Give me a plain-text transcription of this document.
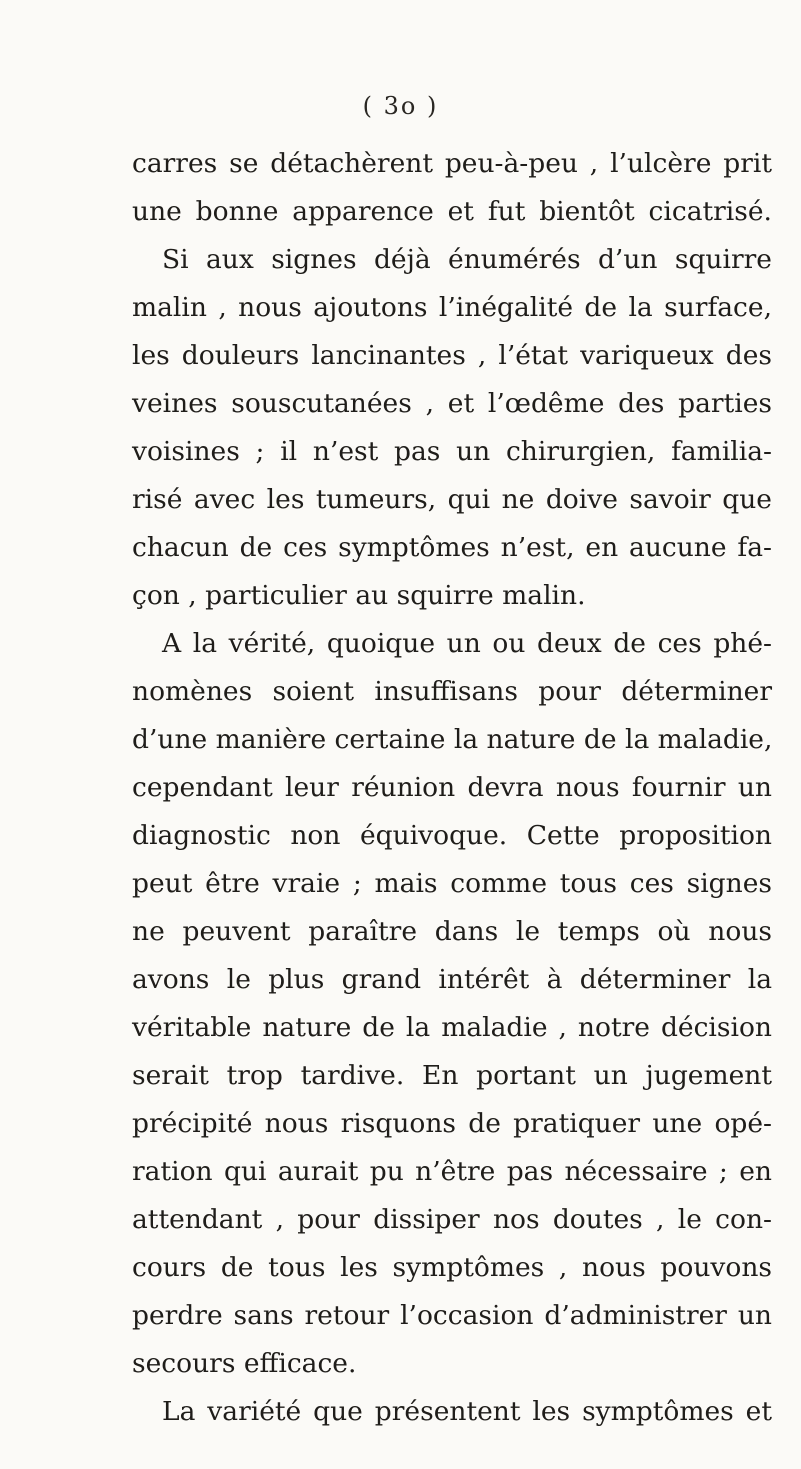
( 3o )
carres se détachèrent peu-à-peu , l’ulcère prit
une bonne apparence et fut bientôt cicatrisé.
Si aux signes déjà énumérés d’un squirre
malin , nous ajoutons l’inégalité de la surface,
les douleurs lancinantes , l’état variqueux des
veines souscutanées , et l’œdême des parties
voisines ; il n’est pas un chirurgien, familia-
risé avec les tumeurs, qui ne doive savoir que
chacun de ces symptômes n’est, en aucune fa-
çon , particulier au squirre malin.
A la vérité, quoique un ou deux de ces phé-
nomènes soient insuffisans pour déterminer
d’une manière certaine la nature de la maladie,
cependant leur réunion devra nous fournir un
diagnostic non équivoque. Cette proposition
peut être vraie ; mais comme tous ces signes
ne peuvent paraître dans le temps où nous
avons le plus grand intérêt à déterminer la
véritable nature de la maladie , notre décision
serait trop tardive. En portant un jugement
précipité nous risquons de pratiquer une opé-
ration qui aurait pu n’être pas nécessaire ; en
attendant , pour dissiper nos doutes , le con-
cours de tous les symptômes , nous pouvons
perdre sans retour l’occasion d’administrer un
secours efficace.
La variété que présentent les symptômes et
